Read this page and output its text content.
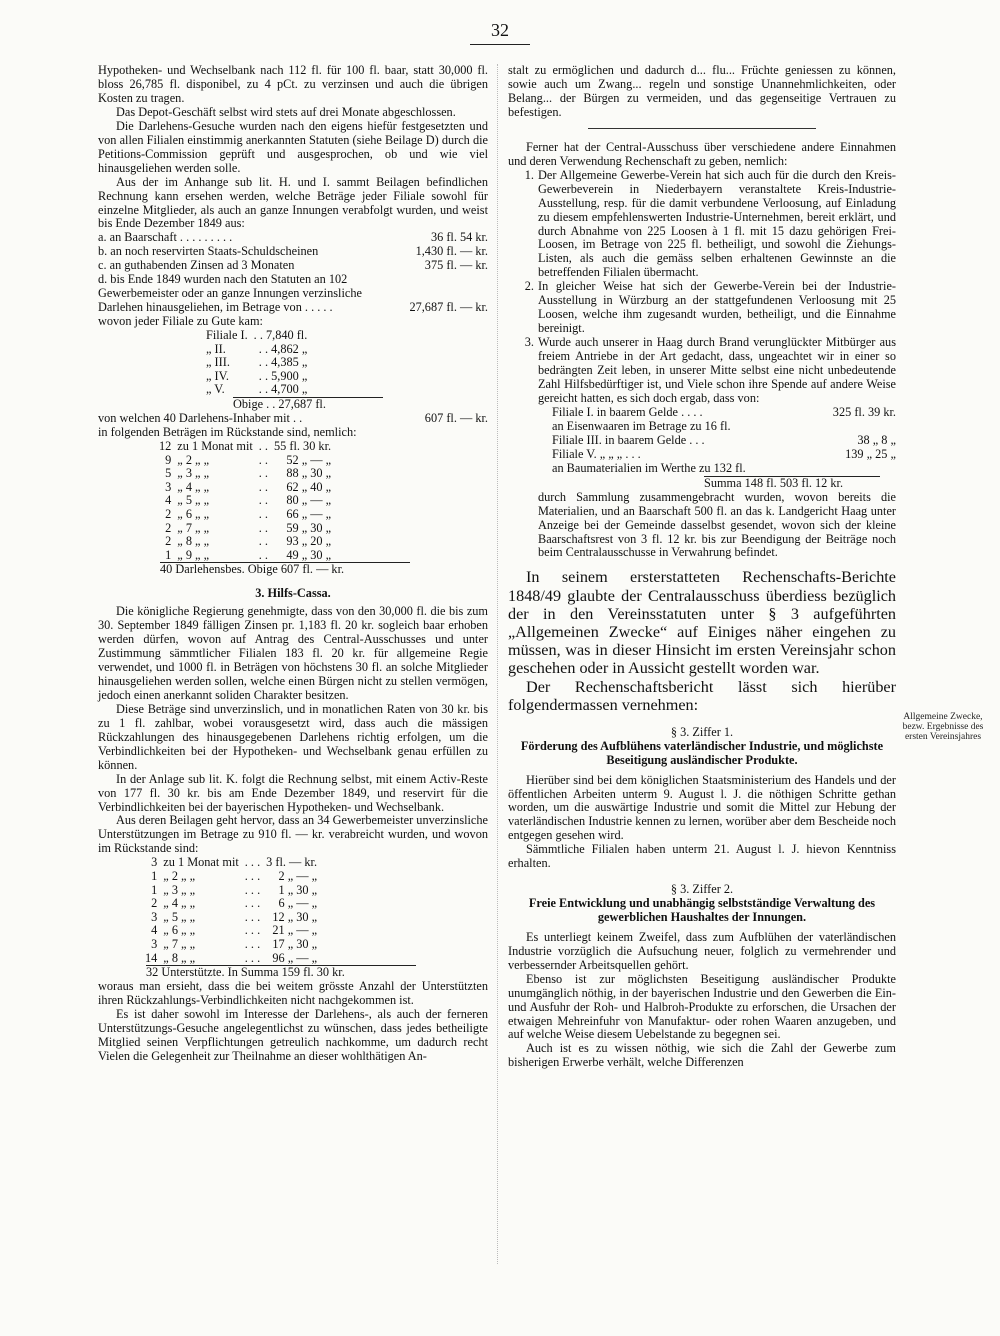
32

Hypotheken- und Wechselbank nach 112 fl. für 100 fl. baar, statt 30,000 fl. bloss 26,785 fl. disponibel, zu 4 pCt. zu verzinsen und auch die übrigen Kosten zu tragen.

Das Depot-Geschäft selbst wird stets auf drei Monate abgeschlossen.

Die Darlehens-Gesuche wurden nach den eigens hiefür festgesetzten und von allen Filialen einstimmig anerkannten Statuten (siehe Beilage D) durch die Petitions-Commission geprüft und ausgesprochen, ob und wie viel hinausgeliehen werden solle.

Aus der im Anhange sub lit. H. und I. sammt Beilagen befindlichen Rechnung kann ersehen werden, welche Beträge jeder Filiale sowohl für einzelne Mitglieder, als auch an ganze Innungen verabfolgt wurden, und weist bis Ende Dezember 1849 aus:

a. an Baarschaft . . . . . . . . .	36 fl. 54 kr.
b. an noch reservirten Staats-Schuldscheinen	1,430 fl. — kr.
c. an guthabenden Zinsen ad 3 Monaten	375 fl. — kr.
d. bis Ende 1849 wurden nach den Statuten an 102 Gewerbemeister oder an ganze Innungen verzinsliche Darlehen hinausgeliehen, im Betrage von . . . . .	27,687 fl. — kr.

wovon jeder Filiale zu Gute kam:

Filiale I.	. . 7,840 fl.
„ II.	. . 4,862 „
„ III.	. . 4,385 „
„ IV.	. . 5,900 „
„ V.	. . 4,700 „
Obige . . 27,687 fl.
von welchen 40 Darlehens-Inhaber mit . .	607 fl. — kr.

in folgenden Beträgen im Rückstande sind, nemlich:

12	zu 1 Monat mit	. .	55 fl. 30 kr.
9	„ 2 „ „	. .	52 „ — „
5	„ 3 „ „	. .	88 „ 30 „
3	„ 4 „ „	. .	62 „ 40 „
4	„ 5 „ „	. .	80 „ — „
2	„ 6 „ „	. .	66 „ — „
2	„ 7 „ „	. .	59 „ 30 „
2	„ 8 „ „	. .	93 „ 20 „
1	„ 9 „ „	. .	49 „ 30 „
40 Darlehensbes. Obige 607 fl. — kr.
3. Hilfs-Cassa.

Die königliche Regierung genehmigte, dass von den 30,000 fl. die bis zum 30. September 1849 fälligen Zinsen pr. 1,183 fl. 20 kr. sogleich baar erhoben werden dürfen, wovon auf Antrag des Central-Ausschusses und unter Zustimmung sämmtlicher Filialen 183 fl. 20 kr. für allgemeine Regie verwendet, und 1000 fl. in Beträgen von höchstens 30 fl. an solche Mitglieder hinausgeliehen werden sollen, welche einen Bürgen nicht zu stellen vermögen, jedoch einen anerkannt soliden Charakter besitzen.

Diese Beträge sind unverzinslich, und in monatlichen Raten von 30 kr. bis zu 1 fl. zahlbar, wobei vorausgesetzt wird, dass auch die mässigen Rückzahlungen des hinausgegebenen Darlehens richtig erfolgen, um die Verbindlichkeiten bei der Hypotheken- und Wechselbank genau erfüllen zu können.

In der Anlage sub lit. K. folgt die Rechnung selbst, mit einem Activ-Reste von 177 fl. 30 kr. bis am Ende Dezember 1849, und reservirt für die Verbindlichkeiten bei der bayerischen Hypotheken- und Wechselbank.

Aus deren Beilagen geht hervor, dass an 34 Gewerbemeister unverzinsliche Unterstützungen im Betrage zu 910 fl. — kr. verabreicht wurden, und wovon im Rückstande sind:

3	zu 1 Monat mit	. . .	3 fl. — kr.
1	„ 2 „ „	. . .	2 „ — „
1	„ 3 „ „	. . .	1 „ 30 „
2	„ 4 „ „	. . .	6 „ — „
3	„ 5 „ „	. . .	12 „ 30 „
4	„ 6 „ „	. . .	21 „ — „
3	„ 7 „ „	. . .	17 „ 30 „
14	„ 8 „ „	. . .	96 „ — „
32 Unterstützte. In Summa 159 fl. 30 kr.

woraus man ersieht, dass die bei weitem grösste Anzahl der Unterstützten ihren Rückzahlungs-Verbindlichkeiten nicht nachgekommen ist.

Es ist daher sowohl im Interesse der Darlehens-, als auch der ferneren Unterstützungs-Gesuche angelegentlichst zu wünschen, dass jedes betheiligte Mitglied seinen Verpflichtungen getreulich nachkomme, um dadurch recht Vielen die Gelegenheit zur Theilnahme an dieser wohlthätigen An-

stalt zu ermöglichen und dadurch d... flu... Früchte geniessen zu können, sowie auch um Zwang... regeln und sonstige Unannehmlichkeiten, oder Belang... der Bürgen zu vermeiden, und das gegenseitige Vertrauen zu befestigen.

Ferner hat der Central-Ausschuss über verschiedene andere Einnahmen und deren Verwendung Rechenschaft zu geben, nemlich:

1. Der Allgemeine Gewerbe-Verein hat sich auch für die durch den Kreis-Gewerbeverein in Niederbayern veranstaltete Kreis-Industrie-Ausstellung, resp. für die damit verbundene Verloosung, auf Einladung zu diesem empfehlenswerten Industrie-Unternehmen, bereit erklärt, und durch Abnahme von 225 Loosen à 1 fl. mit 15 dazu gehörigen Frei-Loosen, im Betrage von 225 fl. betheiligt, und sowohl die Ziehungs-Listen, als auch die gemäss selben erhaltenen Gewinnste an die betreffenden Filialen übermacht.
2. In gleicher Weise hat sich der Gewerbe-Verein bei der Industrie-Ausstellung in Würzburg an der stattgefundenen Verloosung mit 25 Loosen, welche ihm zugesandt wurden, betheiligt, und die Einnahme bereinigt.
3. Wurde auch unserer in Haag durch Brand verunglückter Mitbürger aus freiem Antriebe in der Art gedacht, dass, ungeachtet wir in einer so bedrängten Zeit leben, in unserer Mitte selbst eine nicht unbedeutende Zahl Hilfsbedürftiger ist, und Viele schon ihre Spende auf andere Weise gereicht hatten, es sich doch ergab, dass von:
Filiale I. in baarem Gelde . . . .	325 fl. 39 kr.
an Eisenwaaren im Betrage zu 16 fl.
Filiale III. in baarem Gelde . . .	38 „ 8 „
Filiale V. „ „ „ . . .	139 „ 25 „
an Baumaterialien im Werthe zu 132 fl.
Summa 148 fl. 503 fl. 12 kr.

durch Sammlung zusammengebracht wurden, wovon bereits die Materialien, und an Baarschaft 500 fl. an das k. Landgericht Haag unter Anzeige bei der Gemeinde dasselbst gesendet, wovon sich der kleine Baarschaftsrest von 3 fl. 12 kr. bis zur Beendigung der Beiträge noch beim Centralausschusse in Verwahrung befindet.

In seinem ersterstatteten Rechenschafts-Berichte 1848/49 glaubte der Centralausschuss überdiess bezüglich der in den Vereinsstatuten unter § 3 aufgeführten „Allgemeinen Zwecke“ auf Einiges näher eingehen zu müssen, was in dieser Hinsicht im ersten Vereinsjahr schon geschehen oder in Aussicht gestellt worden war.

Der Rechenschaftsbericht lässt sich hierüber folgendermassen vernehmen:

§ 3. Ziffer 1.
Förderung des Aufblühens vaterländischer Industrie, und möglichste Beseitigung ausländischer Produkte.

Hierüber sind bei dem königlichen Staatsministerium des Handels und der öffentlichen Arbeiten unterm 9. August l. J. die nöthigen Schritte gethan worden, um die auswärtige Industrie und somit die Mittel zur Hebung der vaterländischen Industrie kennen zu lernen, worüber aber dem Bescheide noch entgegen gesehen wird.

Sämmtliche Filialen haben unterm 21. August l. J. hievon Kenntniss erhalten.

§ 3. Ziffer 2.
Freie Entwicklung und unabhängig selbstständige Verwaltung des gewerblichen Haushaltes der Innungen.

Es unterliegt keinem Zweifel, dass zum Aufblühen der vaterländischen Industrie vorzüglich die Aufsuchung neuer, folglich zu vermehrender und verbessernder Arbeitsquellen gehört.

Ebenso ist zur möglichsten Beseitigung ausländischer Produkte unumgänglich nöthig, in der bayerischen Industrie und den Gewerben die Ein- und Ausfuhr der Roh- und Halbroh-Produkte zu erforschen, die Ursachen der etwaigen Mehreinfuhr von Manufaktur- oder rohen Waaren anzugeben, und auf welche Weise diesem Uebelstande zu begegnen sei.

Auch ist es zu wissen nöthig, wie sich die Zahl der Gewerbe zum bisherigen Erwerbe verhält, welche Differenzen

Allgemeine Zwecke, bezw. Ergebnisse des ersten Vereinsjahres
